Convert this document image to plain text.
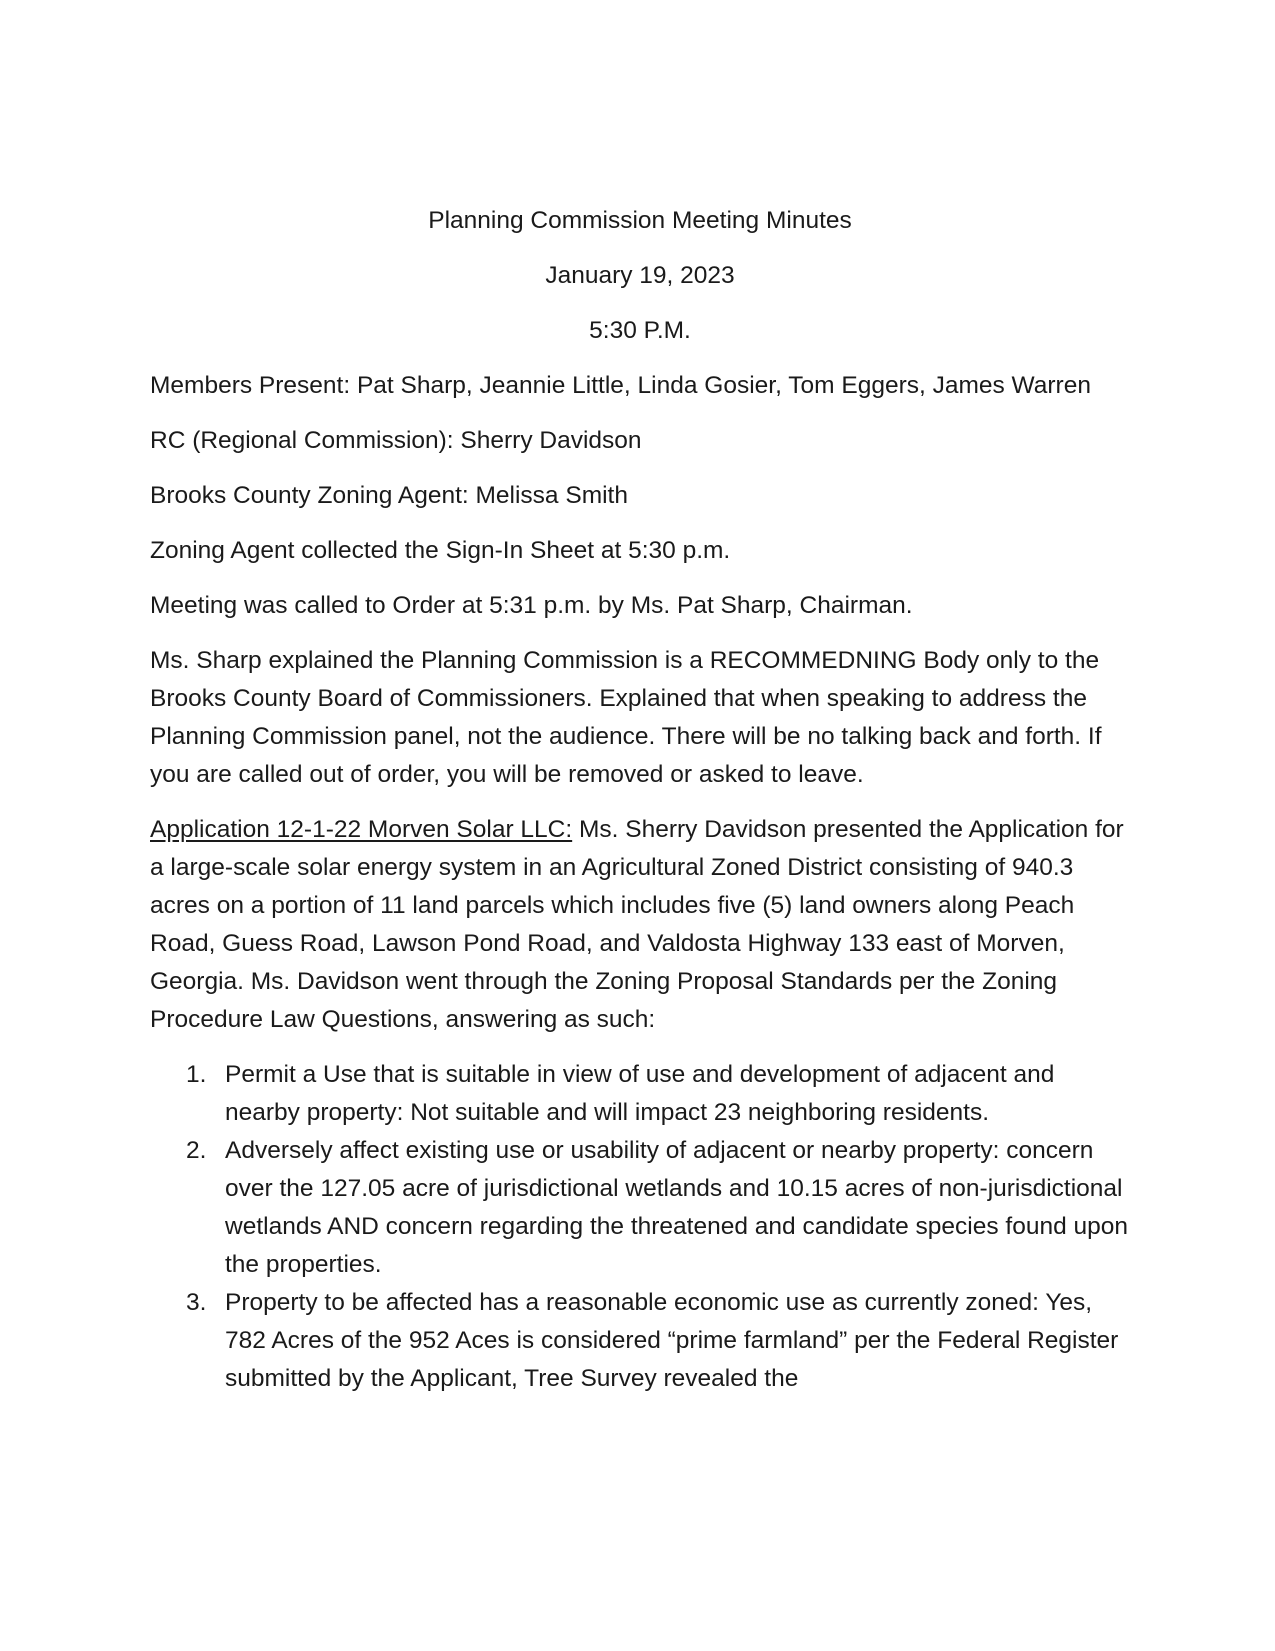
Planning Commission Meeting Minutes
January 19, 2023
5:30 P.M.

Members Present: Pat Sharp, Jeannie Little, Linda Gosier, Tom Eggers, James Warren

RC (Regional Commission): Sherry Davidson

Brooks County Zoning Agent: Melissa Smith

Zoning Agent collected the Sign-In Sheet at 5:30 p.m.

Meeting was called to Order at 5:31 p.m. by Ms. Pat Sharp, Chairman.

Ms. Sharp explained the Planning Commission is a RECOMMEDNING Body only to the Brooks County Board of Commissioners. Explained that when speaking to address the Planning Commission panel, not the audience. There will be no talking back and forth. If you are called out of order, you will be removed or asked to leave.

Application 12-1-22 Morven Solar LLC: Ms. Sherry Davidson presented the Application for a large-scale solar energy system in an Agricultural Zoned District consisting of 940.3 acres on a portion of 11 land parcels which includes five (5) land owners along Peach Road, Guess Road, Lawson Pond Road, and Valdosta Highway 133 east of Morven, Georgia. Ms. Davidson went through the Zoning Proposal Standards per the Zoning Procedure Law Questions, answering as such:

1. Permit a Use that is suitable in view of use and development of adjacent and nearby property: Not suitable and will impact 23 neighboring residents.
2. Adversely affect existing use or usability of adjacent or nearby property: concern over the 127.05 acre of jurisdictional wetlands and 10.15 acres of non-jurisdictional wetlands AND concern regarding the threatened and candidate species found upon the properties.
3. Property to be affected has a reasonable economic use as currently zoned: Yes, 782 Acres of the 952 Aces is considered “prime farmland” per the Federal Register submitted by the Applicant, Tree Survey revealed the
